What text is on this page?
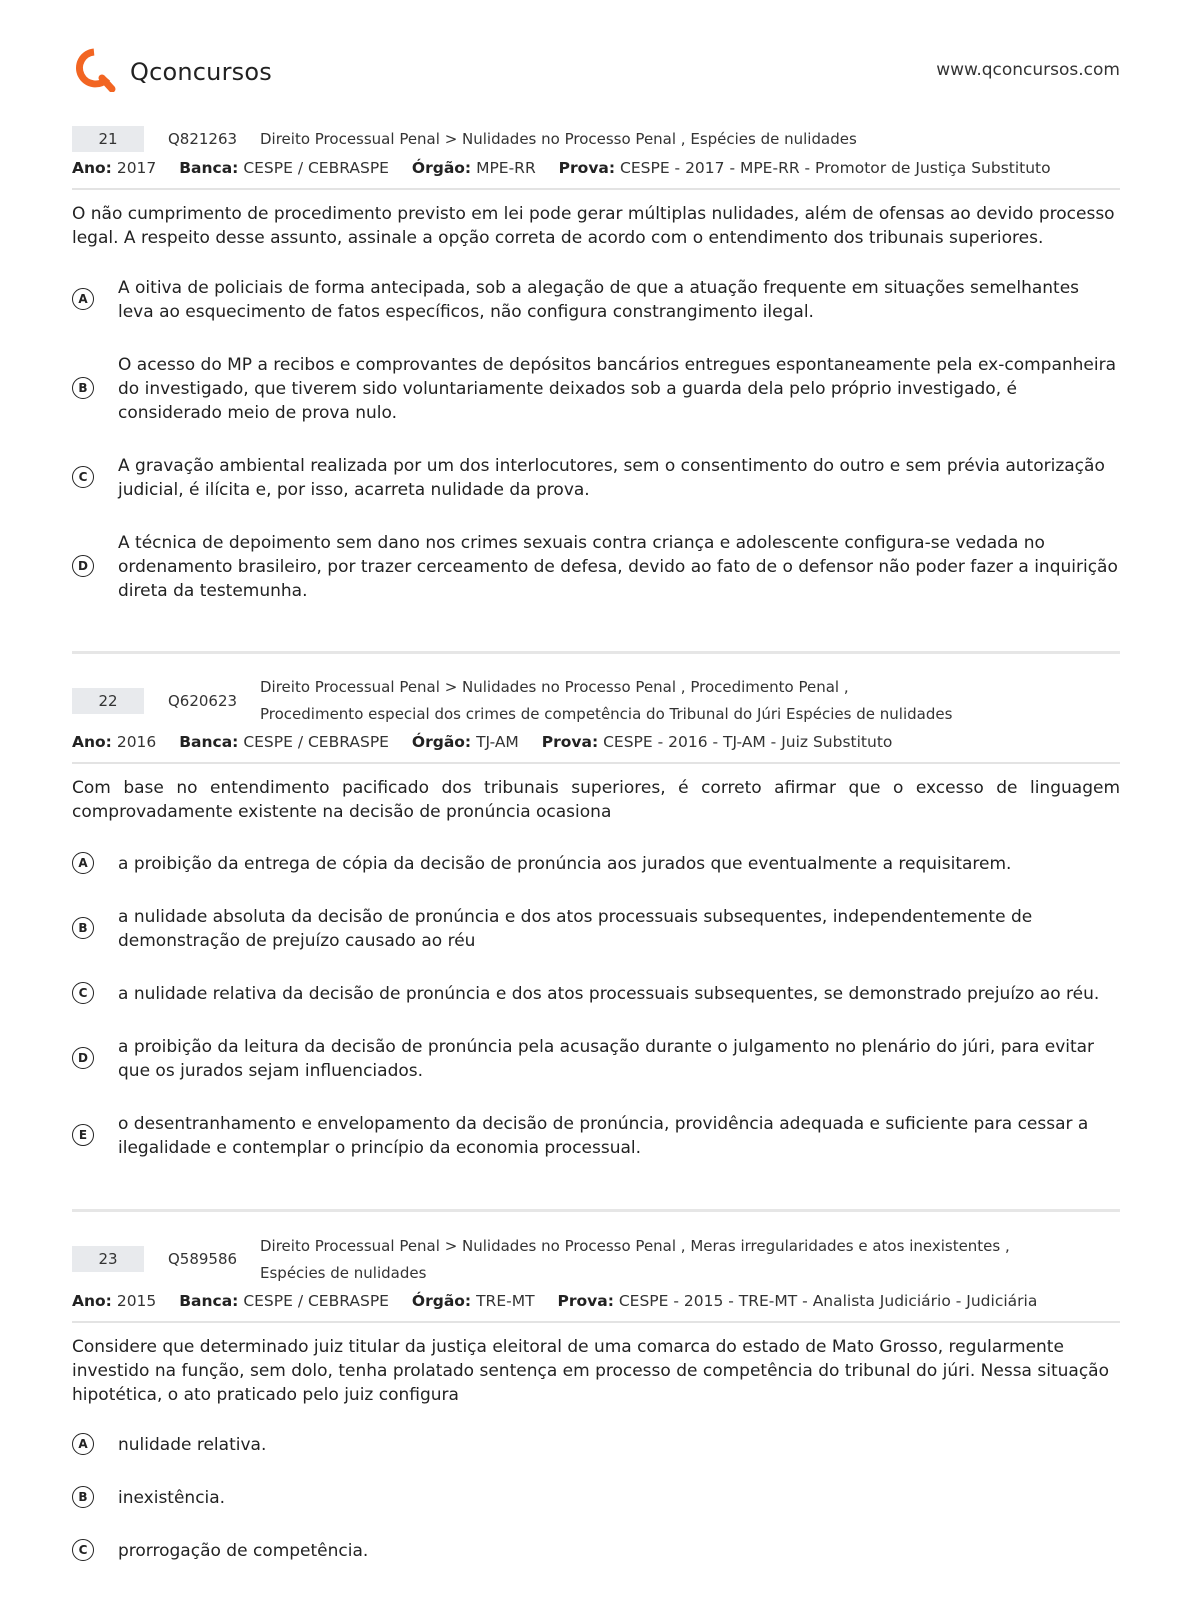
Qconcursos	www.qconcursos.com
21	Q821263 Direito Processual Penal > Nulidades no Processo Penal , Espécies de nulidades
Ano: 2017 Banca: CESPE / CEBRASPE Órgão: MPE-RR Prova: CESPE - 2017 - MPE-RR - Promotor de Justiça Substituto
O não cumprimento de procedimento previsto em lei pode gerar múltiplas nulidades, além de ofensas ao devido processo legal. A respeito desse assunto, assinale a opção correta de acordo com o entendimento dos tribunais superiores.
A
A oitiva de policiais de forma antecipada, sob a alegação de que a atuação frequente em situações semelhantes leva ao esquecimento de fatos específicos, não configura constrangimento ilegal.
B
O acesso do MP a recibos e comprovantes de depósitos bancários entregues espontaneamente pela ex-companheira do investigado, que tiverem sido voluntariamente deixados sob a guarda dela pelo próprio investigado, é considerado meio de prova nulo.
C
A gravação ambiental realizada por um dos interlocutores, sem o consentimento do outro e sem prévia autorização judicial, é ilícita e, por isso, acarreta nulidade da prova.
D
A técnica de depoimento sem dano nos crimes sexuais contra criança e adolescente configura-se vedada no ordenamento brasileiro, por trazer cerceamento de defesa, devido ao fato de o defensor não poder fazer a inquirição direta da testemunha.
22	Q620623
Direito Processual Penal > Nulidades no Processo Penal , Procedimento Penal ,
Procedimento especial dos crimes de competência do Tribunal do Júri Espécies de nulidades
Ano: 2016 Banca: CESPE / CEBRASPE Órgão: TJ-AM Prova: CESPE - 2016 - TJ-AM - Juiz Substituto
Com base no entendimento pacificado dos tribunais superiores, é correto afirmar que o excesso de linguagem comprovadamente existente na decisão de pronúncia ocasiona
A	a proibição da entrega de cópia da decisão de pronúncia aos jurados que eventualmente a requisitarem.
B
a nulidade absoluta da decisão de pronúncia e dos atos processuais subsequentes, independentemente de demonstração de prejuízo causado ao réu
C	a nulidade relativa da decisão de pronúncia e dos atos processuais subsequentes, se demonstrado prejuízo ao réu.
D
a proibição da leitura da decisão de pronúncia pela acusação durante o julgamento no plenário do júri, para evitar que os jurados sejam influenciados.
E
o desentranhamento e envelopamento da decisão de pronúncia, providência adequada e suficiente para cessar a ilegalidade e contemplar o princípio da economia processual.
23	Q589586
Direito Processual Penal > Nulidades no Processo Penal , Meras irregularidades e atos inexistentes ,
Espécies de nulidades
Ano: 2015 Banca: CESPE / CEBRASPE Órgão: TRE-MT Prova: CESPE - 2015 - TRE-MT - Analista Judiciário - Judiciária
Considere que determinado juiz titular da justiça eleitoral de uma comarca do estado de Mato Grosso, regularmente investido na função, sem dolo, tenha prolatado sentença em processo de competência do tribunal do júri. Nessa situação hipotética, o ato praticado pelo juiz configura
A	nulidade relativa.
B	inexistência.
C	prorrogação de competência.
